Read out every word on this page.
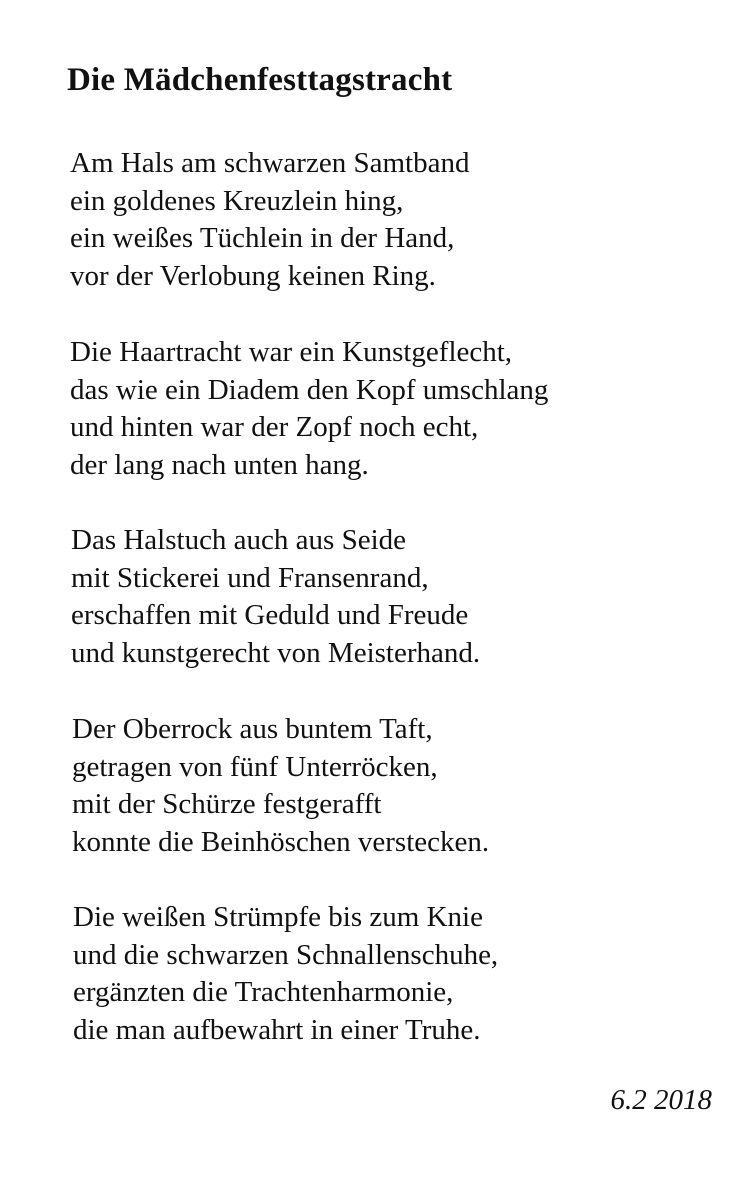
Die Mädchenfesttagstracht
Am Hals am schwarzen Samtband
ein goldenes Kreuzlein hing,
ein weißes Tüchlein in der Hand,
vor der Verlobung keinen Ring.
Die Haartracht war ein Kunstgeflecht,
das wie ein Diadem den Kopf umschlang
und hinten war der Zopf noch echt,
der lang nach unten hang.
Das Halstuch auch aus Seide
mit Stickerei und Fransenrand,
erschaffen mit Geduld und Freude
und kunstgerecht von Meisterhand.
Der Oberrock aus buntem Taft,
getragen von fünf Unterröcken,
mit der Schürze festgerafft
konnte die Beinhöschen verstecken.
Die weißen Strümpfe bis zum Knie
und die schwarzen Schnallenschuhe,
ergänzten die Trachtenharmonie,
die man aufbewahrt in einer Truhe.
6.2 2018
